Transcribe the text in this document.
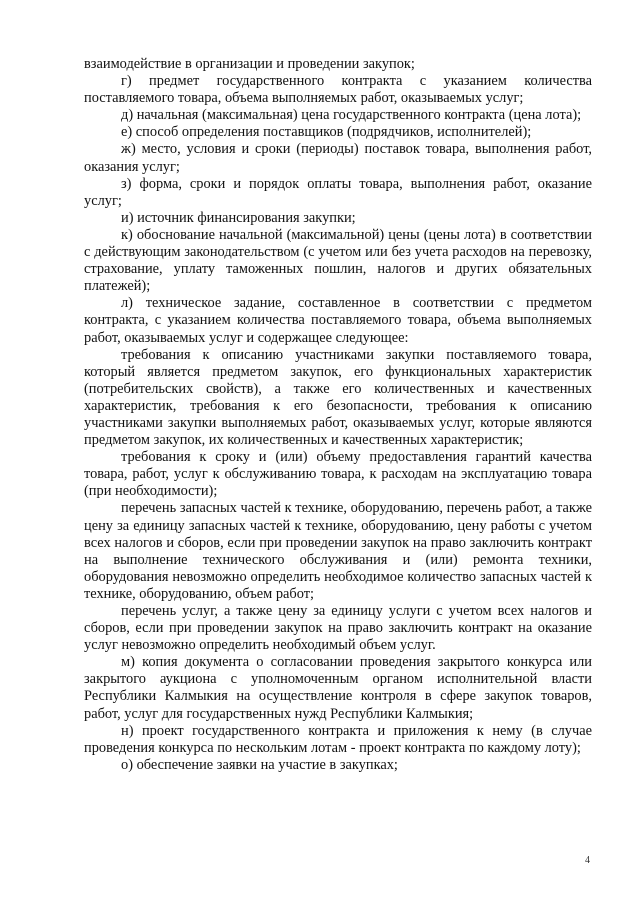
взаимодействие в организации и проведении закупок;

г) предмет государственного контракта с указанием количества поставляемого товара, объема выполняемых работ, оказываемых услуг;

д) начальная (максимальная) цена государственного контракта (цена лота);

е) способ определения поставщиков (подрядчиков, исполнителей);

ж) место, условия и сроки (периоды) поставок товара, выполнения работ, оказания услуг;

з) форма, сроки и порядок оплаты товара, выполнения работ, оказание услуг;

и) источник финансирования закупки;

к) обоснование начальной (максимальной) цены (цены лота) в соответствии с действующим законодательством (с учетом или без учета расходов на перевозку, страхование, уплату таможенных пошлин, налогов и других обязательных платежей);

л) техническое задание, составленное в соответствии с предметом контракта, с указанием количества поставляемого товара, объема выполняемых работ, оказываемых услуг и содержащее следующее:

требования к описанию участниками закупки поставляемого товара, который является предметом закупок, его функциональных характеристик (потребительских свойств), а также его количественных и качественных характеристик, требования к его безопасности, требования к описанию участниками закупки выполняемых работ, оказываемых услуг, которые являются предметом закупок, их количественных и качественных характеристик;

требования к сроку и (или) объему предоставления гарантий качества товара, работ, услуг к обслуживанию товара, к расходам на эксплуатацию товара (при необходимости);

перечень запасных частей к технике, оборудованию, перечень работ, а также цену за единицу запасных частей к технике, оборудованию, цену работы с учетом всех налогов и сборов, если при проведении закупок на право заключить контракт на выполнение технического обслуживания и (или) ремонта техники, оборудования невозможно определить необходимое количество запасных частей к технике, оборудованию, объем работ;

перечень услуг, а также цену за единицу услуги с учетом всех налогов и сборов, если при проведении закупок на право заключить контракт на оказание услуг невозможно определить необходимый объем услуг.

м) копия документа о согласовании проведения закрытого конкурса или закрытого аукциона с уполномоченным органом исполнительной власти Республики Калмыкия на осуществление контроля в сфере закупок товаров, работ, услуг для государственных нужд Республики Калмыкия;

н) проект государственного контракта и приложения к нему (в случае проведения конкурса по нескольким лотам - проект контракта по каждому лоту);

о) обеспечение заявки на участие в закупках;

4
